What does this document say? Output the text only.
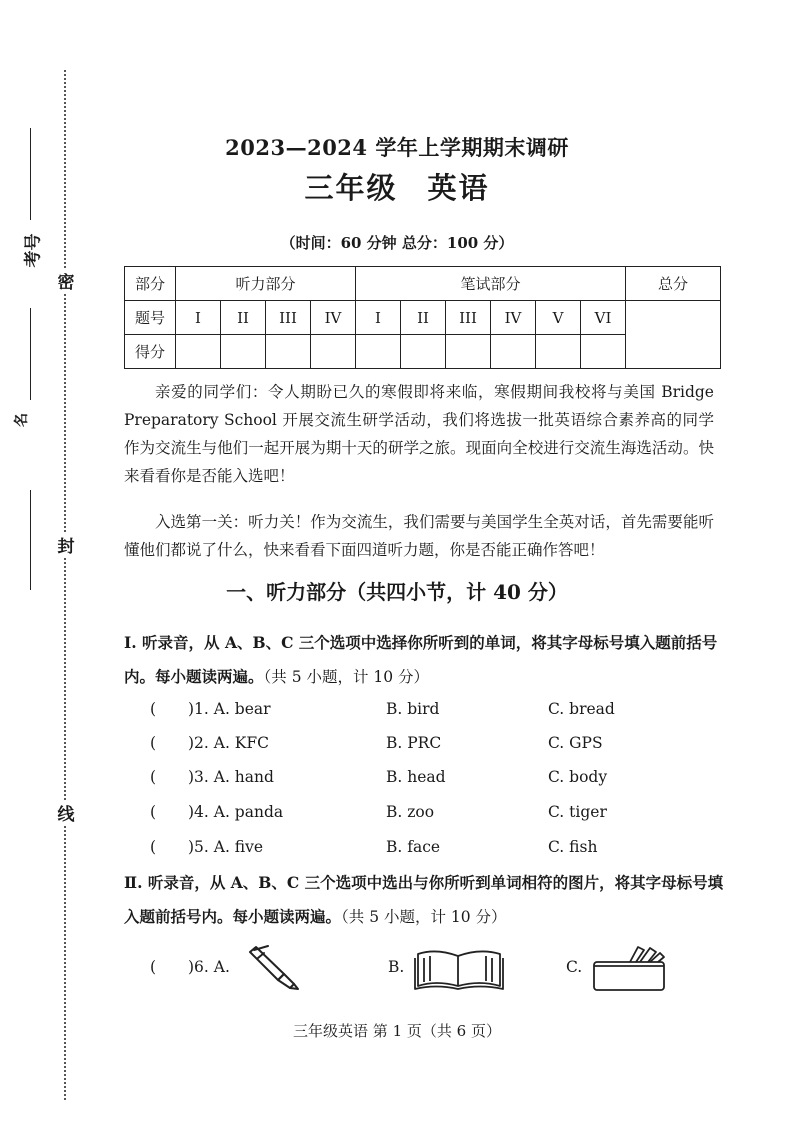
密
封
线
考号
名
2023—2024 学年上学期期末调研
三年级 英语
（时间：60 分钟 总分：100 分）
部分	听力部分				笔试部分						总分
题号	I	II	III	IV	I	II	III	IV	V	VI	
得分											
亲爱的同学们：令人期盼已久的寒假即将来临，寒假期间我校将与美国 Bridge Preparatory School 开展交流生研学活动，我们将选拔一批英语综合素养高的同学作为交流生与他们一起开展为期十天的研学之旅。现面向全校进行交流生海选活动。快来看看你是否能入选吧！
入选第一关：听力关！作为交流生，我们需要与美国学生全英对话，首先需要能听懂他们都说了什么，快来看看下面四道听力题，你是否能正确作答吧！
一、听力部分（共四小节，计 40 分）
Ⅰ. 听录音，从 A、B、C 三个选项中选择你所听到的单词，将其字母标号填入题前括号内。每小题读两遍。（共 5 小题，计 10 分）
( )1. A. bear	B. bird	C. bread
( )2. A. KFC	B. PRC	C. GPS
( )3. A. hand	B. head	C. body
( )4. A. panda	B. zoo	C. tiger
( )5. A. five	B. face	C. fish
Ⅱ. 听录音，从 A、B、C 三个选项中选出与你所听到单词相符的图片，将其字母标号填入题前括号内。每小题读两遍。（共 5 小题，计 10 分）
( )6. A.	B.	C.
三年级英语 第 1 页（共 6 页）
